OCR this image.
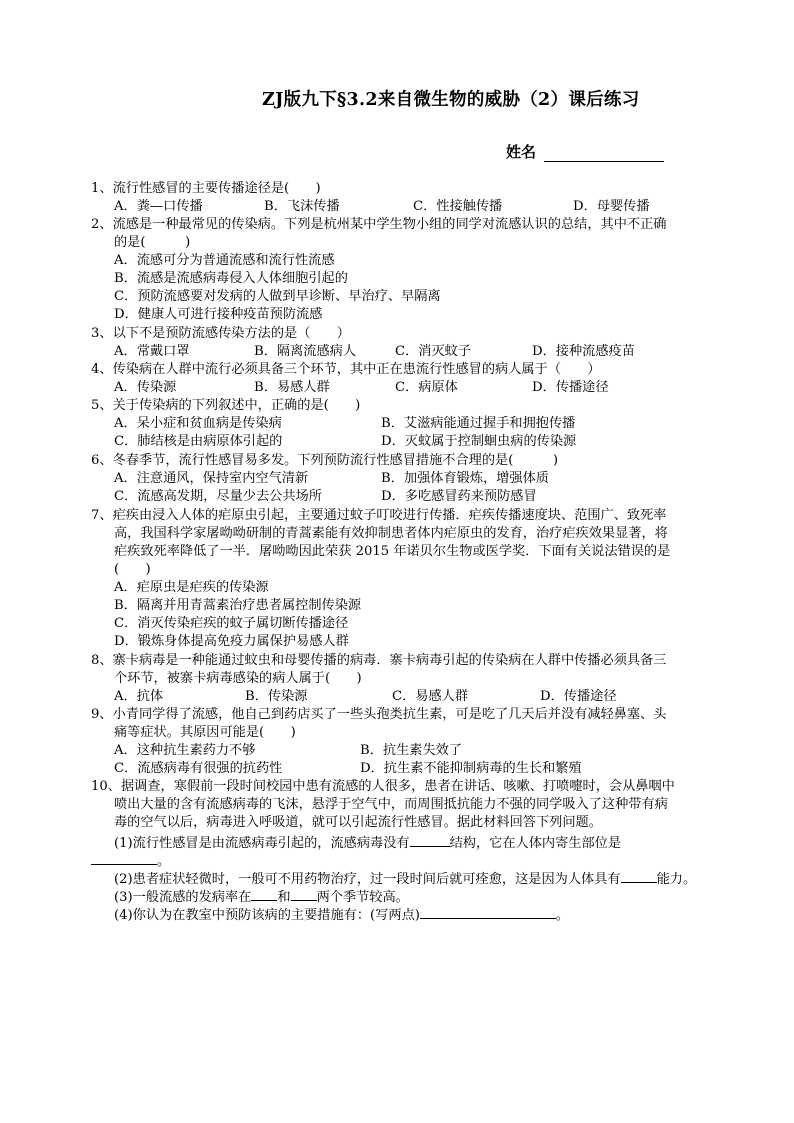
ZJ版九下§3.2来自微生物的威胁（2）课后练习
姓名
1、流行性感冒的主要传播途径是(　　)
A．粪—口传播	B．飞沫传播	C．性接触传播	D．母婴传播
2、流感是一种最常见的传染病。下列是杭州某中学生物小组的同学对流感认识的总结，其中不正确
的是(　　　)
A．流感可分为普通流感和流行性流感
B．流感是流感病毒侵入人体细胞引起的
C．预防流感要对发病的人做到早诊断、早治疗、早隔离
D．健康人可进行接种疫苗预防流感
3、以下不是预防流感传染方法的是（　　）
A．常戴口罩	B．隔离流感病人	C．消灭蚊子	D．接种流感疫苗
4、传染病在人群中流行必须具备三个环节，其中正在患流行性感冒的病人属于（　　）
A．传染源	B．易感人群	C．病原体	D．传播途径
5、关于传染病的下列叙述中，正确的是(　　)
A．呆小症和贫血病是传染病	B．艾滋病能通过握手和拥抱传播
C．肺结核是由病原体引起的	D．灭蚊属于控制蛔虫病的传染源
6、冬春季节，流行性感冒易多发。下列预防流行性感冒措施不合理的是(　　　)
A．注意通风，保持室内空气清新	B．加强体育锻炼，增强体质
C．流感高发期，尽量少去公共场所	D．多吃感冒药来预防感冒
7、疟疾由浸入人体的疟原虫引起，主要通过蚊子叮咬进行传播．疟疾传播速度块、范围广、致死率
高，我国科学家屠呦呦研制的青蒿素能有效抑制患者体内疟原虫的发育，治疗疟疾效果显著，将
疟疾致死率降低了一半．屠呦呦因此荣获 2015 年诺贝尔生物或医学奖．下面有关说法错误的是
(　　)
A．疟原虫是疟疾的传染源
B．隔离并用青蒿素治疗患者属控制传染源
C．消灭传染疟疾的蚊子属切断传播途径
D．锻炼身体提高免疫力属保护易感人群
8、寨卡病毒是一种能通过蚊虫和母婴传播的病毒．寨卡病毒引起的传染病在人群中传播必须具备三
个环节，被寨卡病毒感染的病人属于(　　)
A．抗体	B．传染源	C．易感人群	D．传播途径
9、小青同学得了流感，他自己到药店买了一些头孢类抗生素，可是吃了几天后并没有减轻鼻塞、头
痛等症状。其原因可能是(　　)
A．这种抗生素药力不够	B．抗生素失效了
C．流感病毒有很强的抗药性	D．抗生素不能抑制病毒的生长和繁殖
10、据调查，寒假前一段时间校园中患有流感的人很多，患者在讲话、咳嗽、打喷嚏时，会从鼻咽中
喷出大量的含有流感病毒的飞沫，悬浮于空气中，而周围抵抗能力不强的同学吸入了这种带有病
毒的空气以后，病毒进入呼吸道，就可以引起流行性感冒。据此材料回答下列问题。
(1)流行性感冒是由流感病毒引起的，流感病毒没有	结构，它在人体内寄生部位是
。
(2)患者症状轻微时，一般可不用药物治疗，过一段时间后就可痊愈，这是因为人体具有	能力。
(3)一般流感的发病率在 和 两个季节较高。
(4)你认为在教室中预防该病的主要措施有：(写两点)	。
